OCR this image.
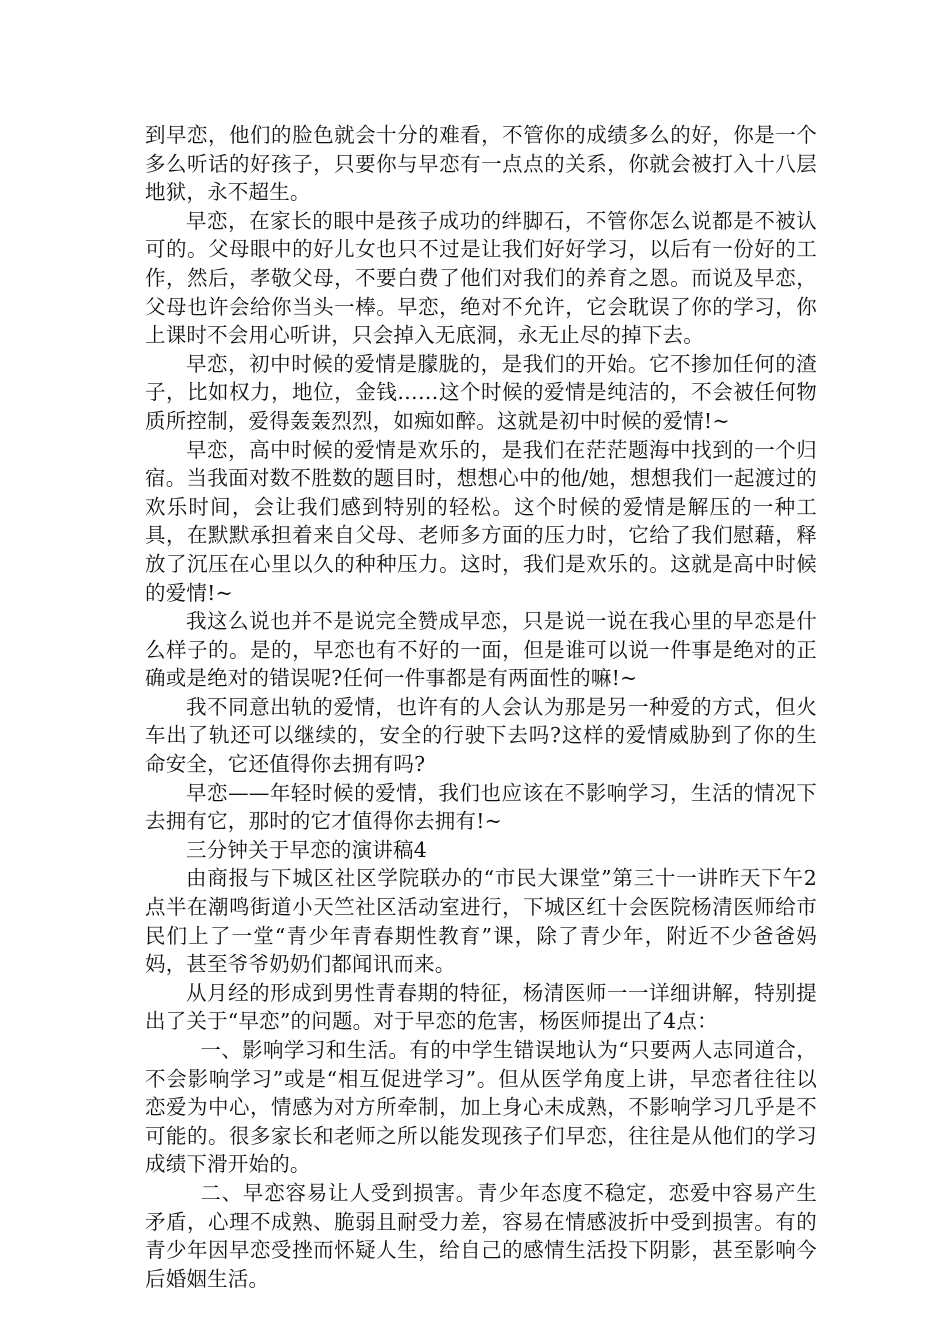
到早恋，他们的脸色就会十分的难看，不管你的成绩多么的好，你是一个多么听话的好孩子，只要你与早恋有一点点的关系，你就会被打入十八层地狱，永不超生。

早恋，在家长的眼中是孩子成功的绊脚石，不管你怎么说都是不被认可的。父母眼中的好儿女也只不过是让我们好好学习，以后有一份好的工作，然后，孝敬父母，不要白费了他们对我们的养育之恩。而说及早恋，父母也许会给你当头一棒。早恋，绝对不允许，它会耽误了你的学习，你上课时不会用心听讲，只会掉入无底洞，永无止尽的掉下去。

早恋，初中时候的爱情是朦胧的，是我们的开始。它不掺加任何的渣子，比如权力，地位，金钱……这个时候的爱情是纯洁的，不会被任何物质所控制，爱得轰轰烈烈，如痴如醉。这就是初中时候的爱情!~

早恋，高中时候的爱情是欢乐的，是我们在茫茫题海中找到的一个归宿。当我面对数不胜数的题目时，想想心中的他/她，想想我们一起渡过的欢乐时间，会让我们感到特别的轻松。这个时候的爱情是解压的一种工具，在默默承担着来自父母、老师多方面的压力时，它给了我们慰藉，释放了沉压在心里以久的种种压力。这时，我们是欢乐的。这就是高中时候的爱情!~

我这么说也并不是说完全赞成早恋，只是说一说在我心里的早恋是什么样子的。是的，早恋也有不好的一面，但是谁可以说一件事是绝对的正确或是绝对的错误呢?任何一件事都是有两面性的嘛!~

我不同意出轨的爱情，也许有的人会认为那是另一种爱的方式，但火车出了轨还可以继续的，安全的行驶下去吗?这样的爱情威胁到了你的生命安全，它还值得你去拥有吗?

早恋——年轻时候的爱情，我们也应该在不影响学习，生活的情况下去拥有它，那时的它才值得你去拥有!~

三分钟关于早恋的演讲稿4

由商报与下城区社区学院联办的“市民大课堂”第三十一讲昨天下午2点半在潮鸣街道小天竺社区活动室进行，下城区红十会医院杨清医师给市民们上了一堂“青少年青春期性教育”课，除了青少年，附近不少爸爸妈妈，甚至爷爷奶奶们都闻讯而来。

从月经的形成到男性青春期的特征，杨清医师一一详细讲解，特别提出了关于“早恋”的问题。对于早恋的危害，杨医师提出了4点：

一、影响学习和生活。有的中学生错误地认为“只要两人志同道合，不会影响学习”或是“相互促进学习”。但从医学角度上讲，早恋者往往以恋爱为中心，情感为对方所牵制，加上身心未成熟，不影响学习几乎是不可能的。很多家长和老师之所以能发现孩子们早恋，往往是从他们的学习成绩下滑开始的。

二、早恋容易让人受到损害。青少年态度不稳定，恋爱中容易产生矛盾，心理不成熟、脆弱且耐受力差，容易在情感波折中受到损害。有的青少年因早恋受挫而怀疑人生，给自己的感情生活投下阴影，甚至影响今后婚姻生活。
